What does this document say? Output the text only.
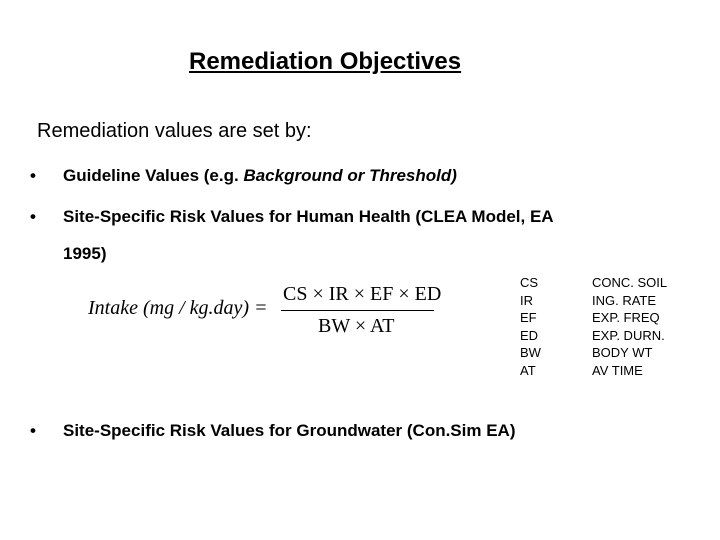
Remediation Objectives
Remediation values are set by:
• Guideline Values (e.g. Background or Threshold)
• Site-Specific Risk Values for Human Health (CLEA Model, EA
1995)
Intake (mg / kg.day) =
CS × IR × EF × ED
BW × AT
CS
IR
EF
ED
BW
AT
CONC. SOIL
ING. RATE
EXP. FREQ
EXP. DURN.
BODY WT
AV TIME
• Site-Specific Risk Values for Groundwater (Con.Sim EA)
